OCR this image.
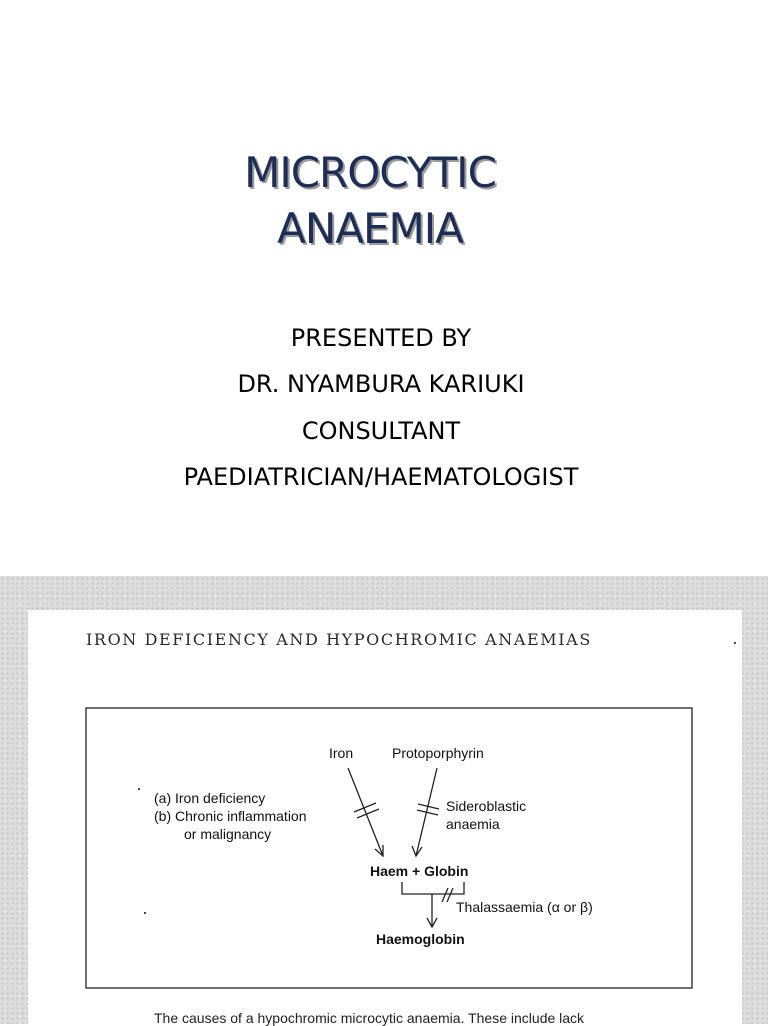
MICROCYTIC
ANAEMIA
PRESENTED BY
DR. NYAMBURA KARIUKI
CONSULTANT
PAEDIATRICIAN/HAEMATOLOGIST
IRON DEFICIENCY AND HYPOCHROMIC ANAEMIAS
Iron	Protoporphyrin
(a) Iron deficiency
(b) Chronic inflammation
or malignancy
Sideroblastic
anaemia
Haem + Globin
Thalassaemia (α or β)
Haemoglobin
The causes of a hypochromic microcytic anaemia. These include lack
